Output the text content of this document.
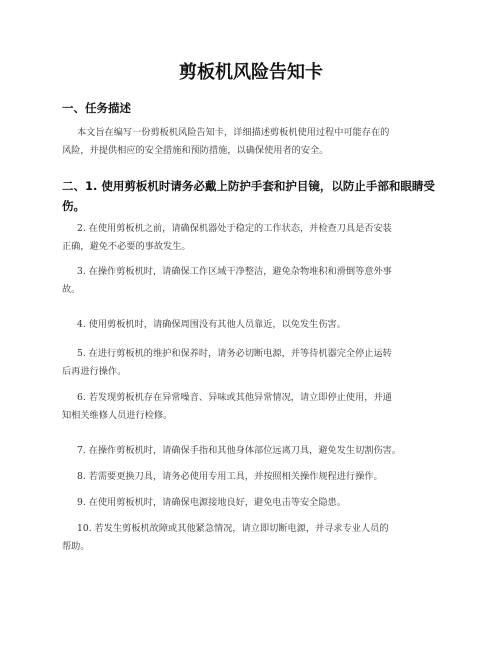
剪板机风险告知卡
一、任务描述
本文旨在编写一份剪板机风险告知卡，详细描述剪板机使用过程中可能存在的
风险，并提供相应的安全措施和预防措施，以确保使用者的安全。
二、1. 使用剪板机时请务必戴上防护手套和护目镜，以防止手部和眼睛受
伤。
2. 在使用剪板机之前，请确保机器处于稳定的工作状态，并检查刀具是否安装
正确，避免不必要的事故发生。
3. 在操作剪板机时，请确保工作区域干净整洁，避免杂物堆积和滑倒等意外事
故。
4. 使用剪板机时，请确保周围没有其他人员靠近，以免发生伤害。
5. 在进行剪板机的维护和保养时，请务必切断电源，并等待机器完全停止运转
后再进行操作。
6. 若发现剪板机存在异常噪音、异味或其他异常情况，请立即停止使用，并通
知相关维修人员进行检修。
7. 在操作剪板机时，请确保手指和其他身体部位远离刀具，避免发生切割伤害。
8. 若需要更换刀具，请务必使用专用工具，并按照相关操作规程进行操作。
9. 在使用剪板机时，请确保电源接地良好，避免电击等安全隐患。
10. 若发生剪板机故障或其他紧急情况，请立即切断电源，并寻求专业人员的
帮助。
